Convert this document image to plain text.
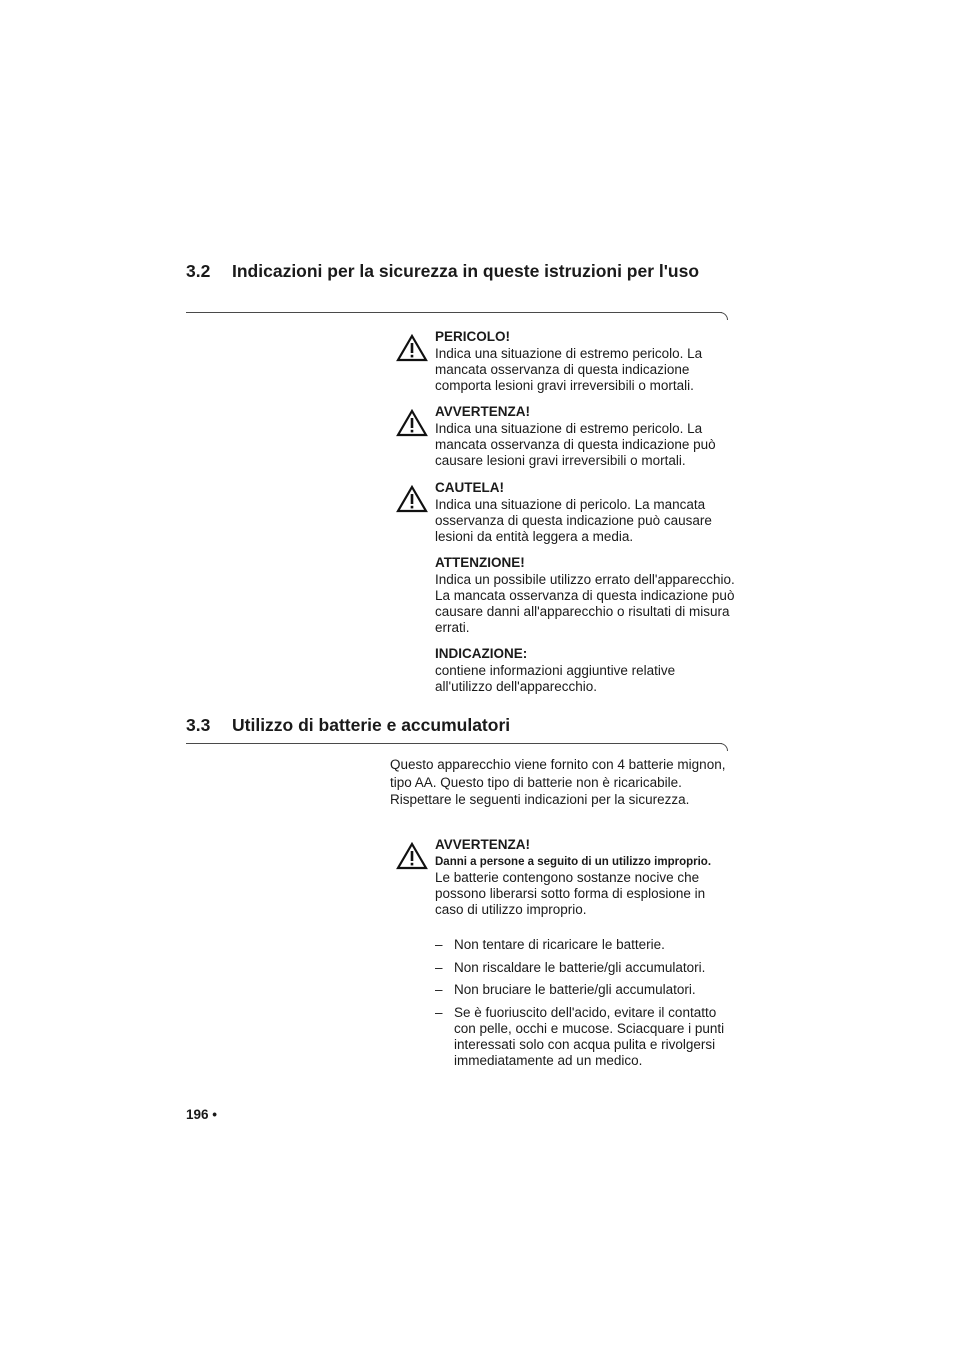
3.2 Indicazioni per la sicurezza in queste istruzioni per l'uso
PERICOLO!
Indica una situazione di estremo pericolo. La mancata osservanza di questa indicazione comporta lesioni gravi irreversibili o mortali.
AVVERTENZA!
Indica una situazione di estremo pericolo. La mancata osservanza di questa indicazione può causare lesioni gravi irreversibili o mortali.
CAUTELA!
Indica una situazione di pericolo. La mancata osservanza di questa indicazione può causare lesioni da entità leggera a media.
ATTENZIONE!
Indica un possibile utilizzo errato dell'apparecchio. La mancata osservanza di questa indicazione può causare danni all'apparecchio o risultati di misura errati.
INDICAZIONE:
contiene informazioni aggiuntive relative all'utilizzo dell'apparecchio.
3.3 Utilizzo di batterie e accumulatori
Questo apparecchio viene fornito con 4 batterie mignon, tipo AA. Questo tipo di batterie non è ricaricabile. Rispettare le seguenti indicazioni per la sicurezza.
AVVERTENZA!
Danni a persone a seguito di un utilizzo improprio.
Le batterie contengono sostanze nocive che possono liberarsi sotto forma di esplosione in caso di utilizzo improprio.
– Non tentare di ricaricare le batterie.
– Non riscaldare le batterie/gli accumulatori.
– Non bruciare le batterie/gli accumulatori.
– Se è fuoriuscito dell'acido, evitare il contatto con pelle, occhi e mucose. Sciacquare i punti interessati solo con acqua pulita e rivolgersi immediatamente ad un medico.
196 •
